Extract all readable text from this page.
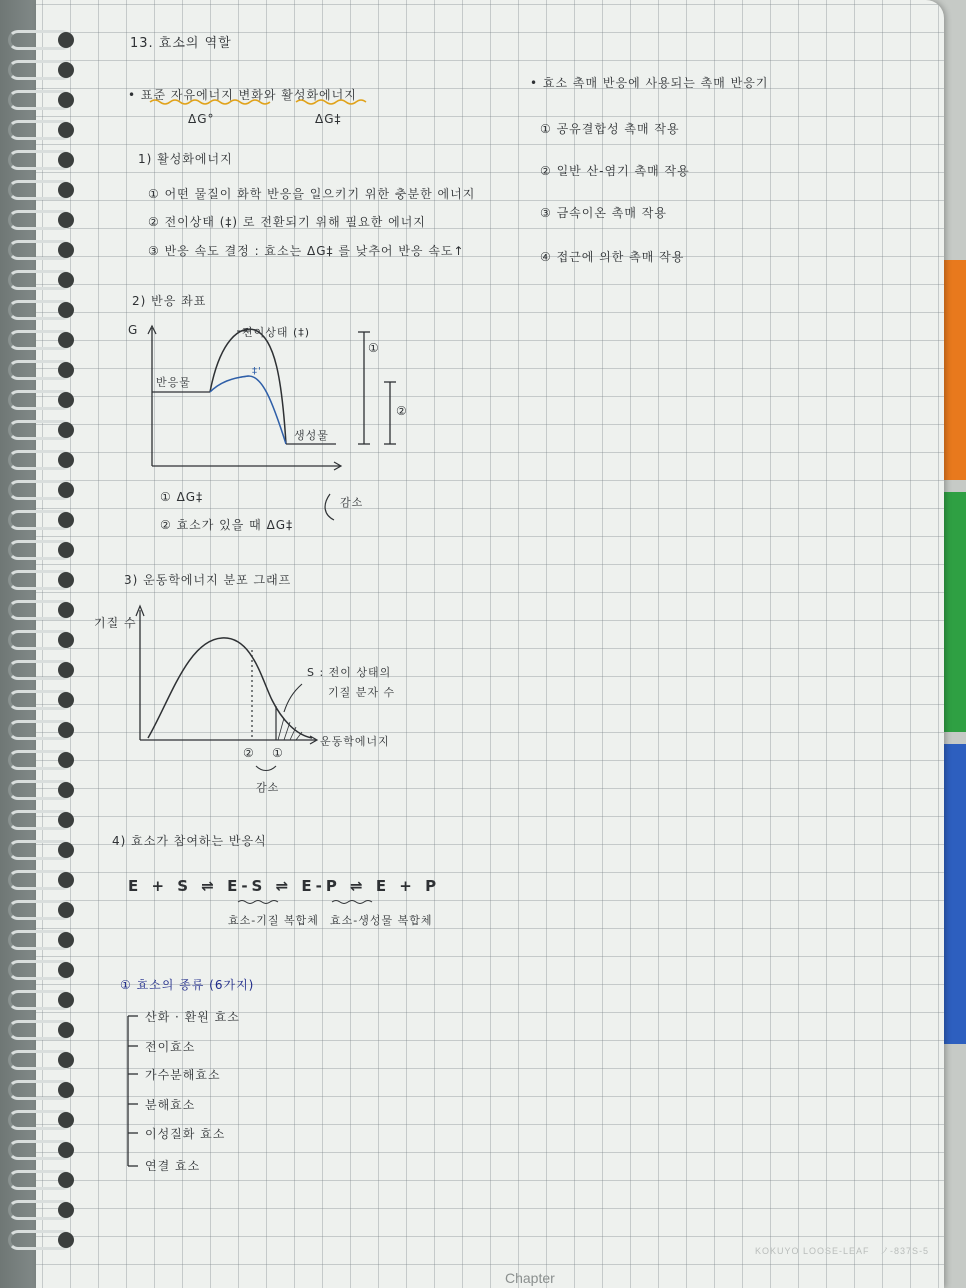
13. 효소의 역할
• 표준 자유에너지 변화와 활성화에너지
ΔG°	ΔG‡
1) 활성화에너지
① 어떤 물질이 화학 반응을 일으키기 위한 충분한 에너지
② 전이상태 (‡) 로 전환되기 위해 필요한 에너지
③ 반응 속도 결정 : 효소는 ΔG‡ 를 낮추어 반응 속도↑
2) 반응 좌표
G	전이상태 (‡)
반응물
‡'
생성물
①
②
① ΔG‡
② 효소가 있을 때 ΔG‡
감소
3) 운동학에너지 분포 그래프
기질 수
S : 전이 상태의
기질 분자 수
운동학에너지
② ①
감소
4) 효소가 참여하는 반응식
E + S ⇌ E-S ⇌ E-P ⇌ E + P
효소-기질 복합체 효소-생성물 복합체
① 효소의 종류 (6가지)
산화 · 환원 효소
전이효소
가수분해효소
분해효소
이성질화 효소
연결 효소
• 효소 촉매 반응에 사용되는 촉매 반응기
① 공유결합성 촉매 작용
② 일반 산-염기 촉매 작용
③ 금속이온 촉매 작용
④ 접근에 의한 촉매 작용
KOKUYO LOOSE-LEAF ノ-837S-5
Chapter
